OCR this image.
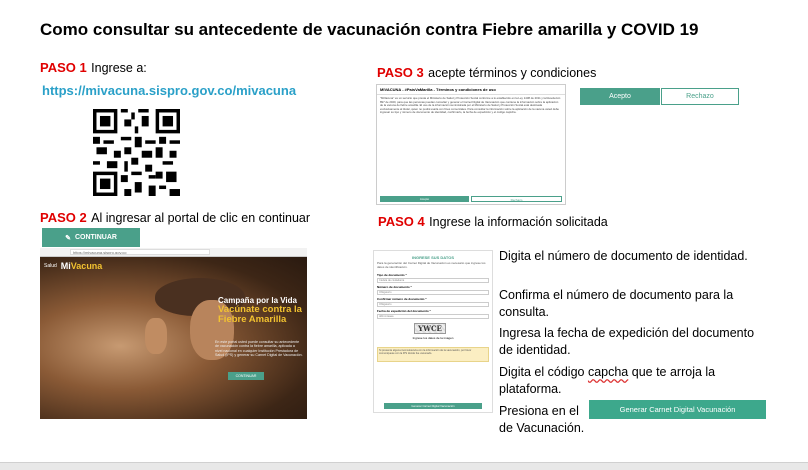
Como consultar su antecedente de vacunación contra Fiebre amarilla y COVID 19
PASO 1 Ingrese a:
https://mivacuna.sispro.gov.co/mivacuna
PASO 2 Al ingresar al portal de clic en continuar
✎ CONTINUAR
https://mivacuna.sispro.gov.co
Salud MiVacuna
Campaña por la Vida
Vacúnate contra la Fiebre Amarilla
En este portal usted puede consultar su antecedente de vacunación contra la fiebre amarilla, aplicada a nivel nacional en cualquier Institución Prestadora de Salud (IPS) y generar su Carnet Digital de Vacunación.
CONTINUAR
PASO 3 acepte términos y condiciones
MIVACUNA - #PaísVaMarilla - Términos y condiciones de uso
"MiVacuna" es un servicio que presta el Ministerio de Salud y Protección Social conforme a lo establecido en la Ley 1438 de 2011 y la Resolución 897 de 2020, para que las personas puedan consultar y generar el Carnet Digital de Vacunación que contiene la información sobre la aplicación de la vacuna de fiebre amarilla. El uso de la información suministrada por el Ministerio de Salud y Protección Social está destinada exclusivamente al titular, quien no podrá usarla con fines comerciales. Para consultar la información sobre la aplicación de la vacuna usted debe ingresar su tipo y número de documento de identidad, confirmarlo, la fecha de expedición y el código captcha.
Acepto	Rechazo
Acepto	Rechazo
PASO 4 Ingrese la información solicitada
INGRESE SUS DATOS
Para la generación del Carnet Digital de Vacunación es necesario que ingrese los datos de identificación.
Tipo de documento *
Cédula de ciudadanía
Número de documento *
Obligatorio
Confirmar número de documento *
Obligatorio
Fecha de expedición del documento *
dd/mm/aaaa
YWCE
Ingrese los datos de la imagen
Si presenta alguna inconsistencia con la información de la vacunación, por favor comuníquese con la IPS donde fue vacunado.
Generar Carnet Digital Vacunación
Digita el número de documento de identidad.
Confirma el número de documento para la consulta.
Ingresa la fecha de expedición del documento de identidad.
Digita el código capcha que te arroja la plataforma.
Presiona en el
de Vacunación.
Generar Carnet Digital Vacunación
